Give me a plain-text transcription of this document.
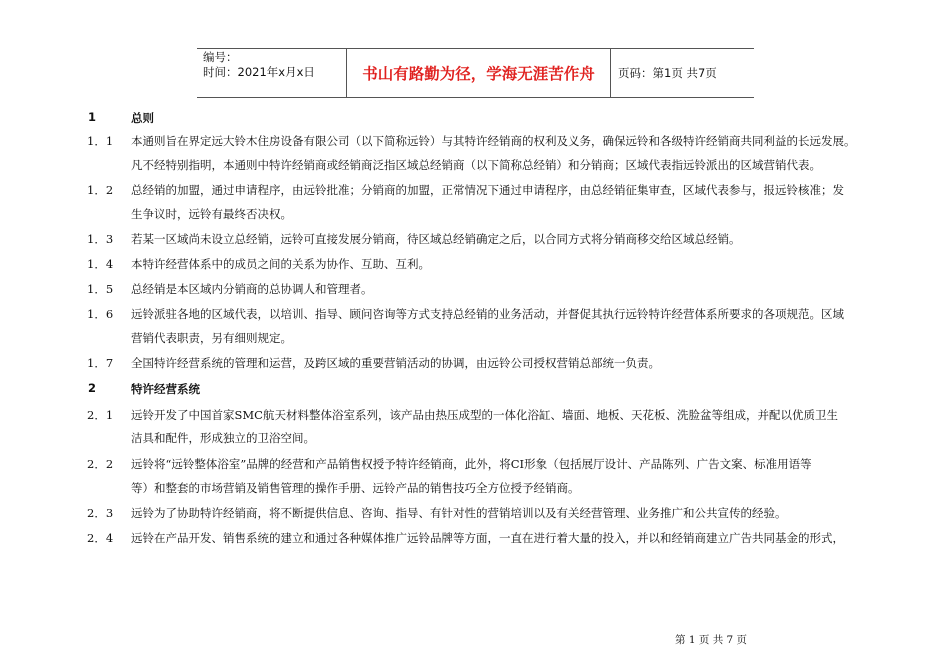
编号：
时间：2021年x月x日	书山有路勤为径，学海无涯苦作舟	页码：第1页 共7页
1	总则
1．1	本通则旨在界定远大铃木住房设备有限公司（以下简称远铃）与其特许经销商的权利及义务，确保远铃和各级特许经销商共同利益的长远发展。
凡不经特别指明，本通则中特许经销商或经销商泛指区域总经销商（以下简称总经销）和分销商；区域代表指远铃派出的区域营销代表。
1．2	总经销的加盟，通过申请程序，由远铃批准；分销商的加盟，正常情况下通过申请程序，由总经销征集审查，区域代表参与，报远铃核准；发
生争议时，远铃有最终否决权。
1．3	若某一区域尚未设立总经销，远铃可直接发展分销商，待区域总经销确定之后，以合同方式将分销商移交给区域总经销。
1．4	本特许经营体系中的成员之间的关系为协作、互助、互利。
1．5	总经销是本区域内分销商的总协调人和管理者。
1．6	远铃派驻各地的区域代表，以培训、指导、顾问咨询等方式支持总经销的业务活动，并督促其执行远铃特许经营体系所要求的各项规范。区域
营销代表职责，另有细则规定。
1．7	全国特许经营系统的管理和运营，及跨区域的重要营销活动的协调，由远铃公司授权营销总部统一负责。
2	特许经营系统
2．1	远铃开发了中国首家SMC航天材料整体浴室系列，该产品由热压成型的一体化浴缸、墙面、地板、天花板、洗脸盆等组成，并配以优质卫生
洁具和配件，形成独立的卫浴空间。
2．2	远铃将“远铃整体浴室”品牌的经营和产品销售权授予特许经销商，此外，将CI形象（包括展厅设计、产品陈列、广告文案、标准用语等
等）和整套的市场营销及销售管理的操作手册、远铃产品的销售技巧全方位授予经销商。
2．3	远铃为了协助特许经销商，将不断提供信息、咨询、指导、有针对性的营销培训以及有关经营管理、业务推广和公共宣传的经验。
2．4	远铃在产品开发、销售系统的建立和通过各种媒体推广远铃品牌等方面，一直在进行着大量的投入，并以和经销商建立广告共同基金的形式，
第 1 页 共 7 页
